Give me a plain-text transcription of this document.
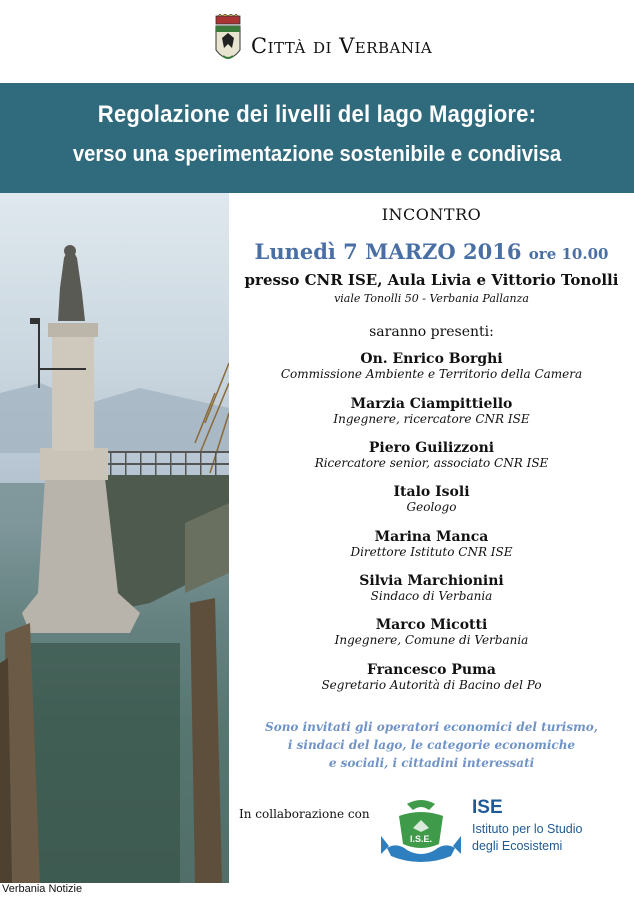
Città di Verbania
Regolazione dei livelli del lago Maggiore:
verso una sperimentazione sostenibile e condivisa
INCONTRO
Lunedì 7 MARZO 2016 ore 10.00
presso CNR ISE, Aula Livia e Vittorio Tonolli
viale Tonolli 50 - Verbania Pallanza
saranno presenti:
On. Enrico Borghi
Commissione Ambiente e Territorio della Camera
Marzia Ciampittiello
Ingegnere, ricercatore CNR ISE
Piero Guilizzoni
Ricercatore senior, associato CNR ISE
Italo Isoli
Geologo
Marina Manca
Direttore Istituto CNR ISE
Silvia Marchionini
Sindaco di Verbania
Marco Micotti
Ingegnere, Comune di Verbania
Francesco Puma
Segretario Autorità di Bacino del Po
Sono invitati gli operatori economici del turismo,
i sindaci del lago, le categorie economiche
e sociali, i cittadini interessati
In collaborazione con
I.S.E.
ISE
Istituto per lo Studio
degli Ecosistemi
Verbania Notizie
